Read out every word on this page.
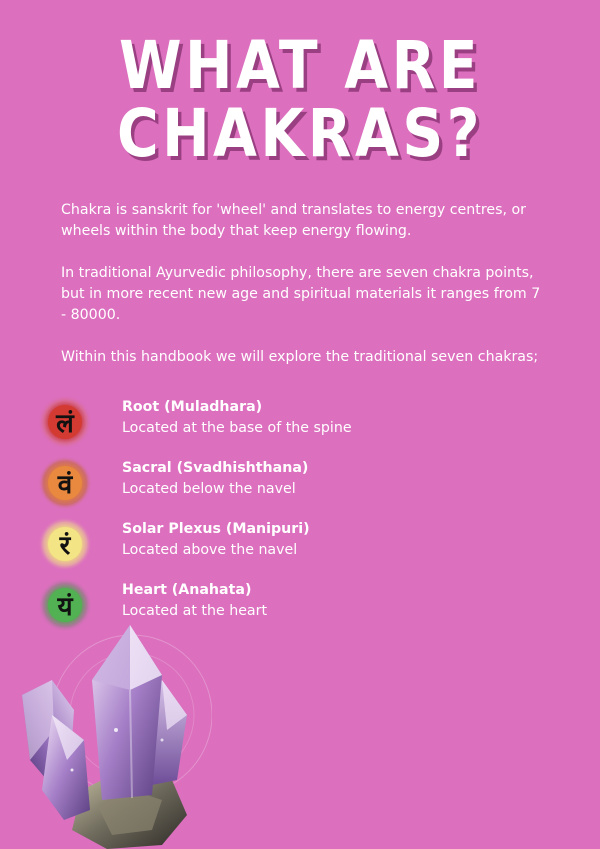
WHAT ARE
CHAKRAS?

Chakra is sanskrit for 'wheel' and translates to energy centres, or wheels within the body that keep energy flowing.

In traditional Ayurvedic philosophy, there are seven chakra points, but in more recent new age and spiritual materials it ranges from 7 - 80000.

Within this handbook we will explore the traditional seven chakras;

लं
Root (Muladhara)
Located at the base of the spine
वं
Sacral (Svadhishthana)
Located below the navel
रं
Solar Plexus (Manipuri)
Located above the navel
यं
Heart (Anahata)
Located at the heart
